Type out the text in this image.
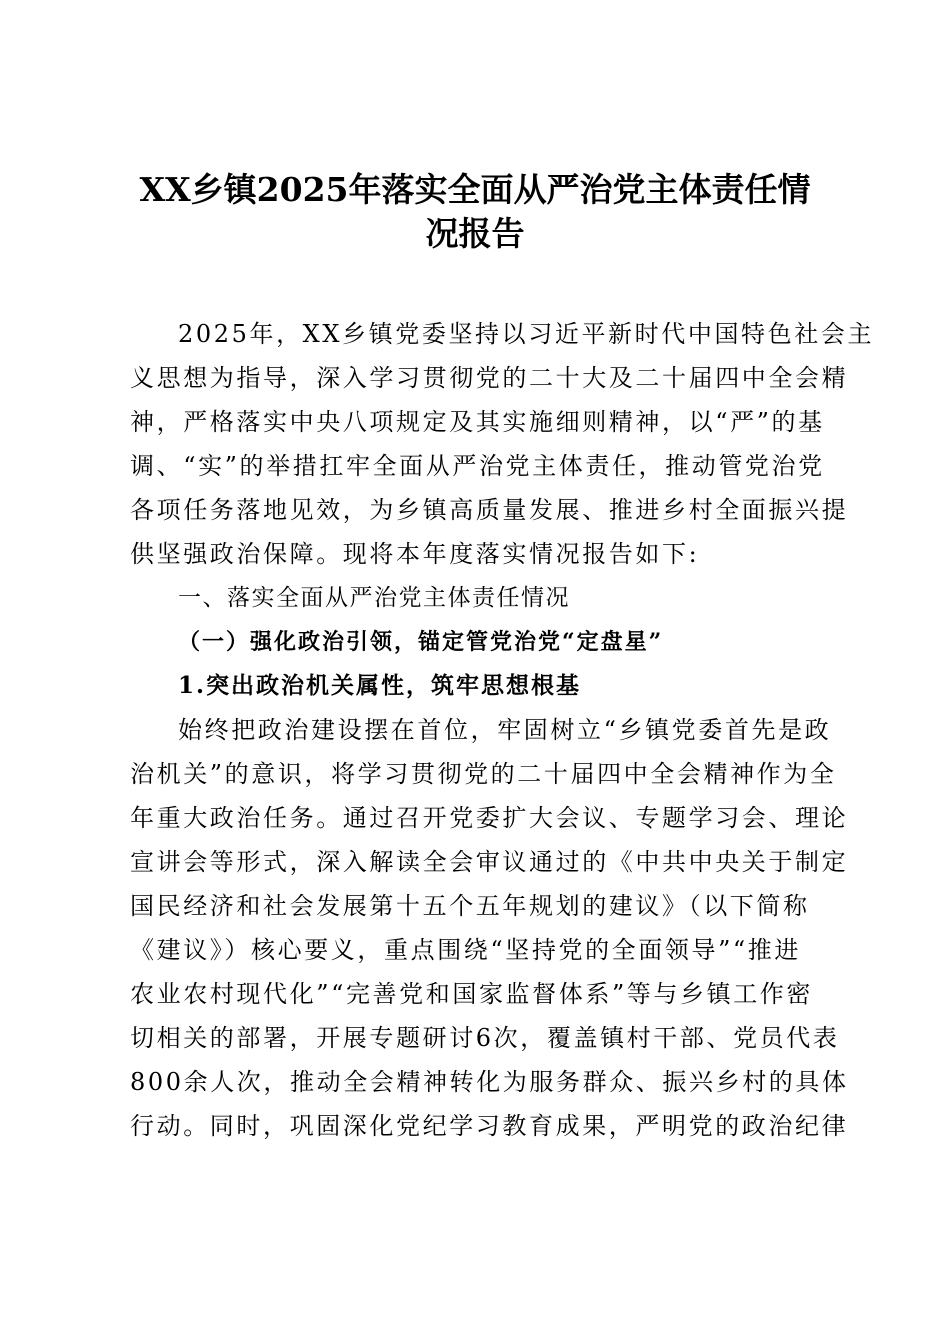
XX乡镇2025年落实全面从严治党主体责任情
况报告
2025年，XX乡镇党委坚持以习近平新时代中国特色社会主
义思想为指导，深入学习贯彻党的二十大及二十届四中全会精
神，严格落实中央八项规定及其实施细则精神，以“严”的基
调、“实”的举措扛牢全面从严治党主体责任，推动管党治党
各项任务落地见效，为乡镇高质量发展、推进乡村全面振兴提
供坚强政治保障。现将本年度落实情况报告如下:
一、落实全面从严治党主体责任情况
（一）强化政治引领，锚定管党治党“定盘星”
1.突出政治机关属性，筑牢思想根基
始终把政治建设摆在首位，牢固树立“乡镇党委首先是政
治机关”的意识，将学习贯彻党的二十届四中全会精神作为全
年重大政治任务。通过召开党委扩大会议、专题学习会、理论
宣讲会等形式，深入解读全会审议通过的《中共中央关于制定
国民经济和社会发展第十五个五年规划的建议》（以下简称
《建议》）核心要义，重点围绕“坚持党的全面领导”“推进
农业农村现代化”“完善党和国家监督体系”等与乡镇工作密
切相关的部署，开展专题研讨6次，覆盖镇村干部、党员代表
800余人次，推动全会精神转化为服务群众、振兴乡村的具体
行动。同时，巩固深化党纪学习教育成果，严明党的政治纪律
